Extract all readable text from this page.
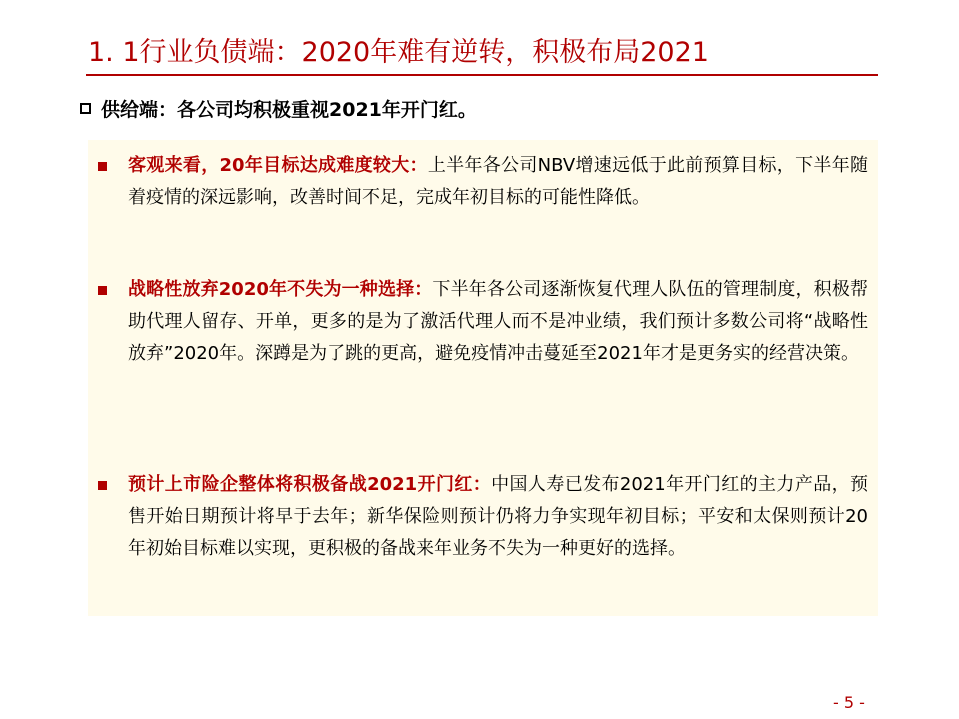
1. 1行业负债端：2020年难有逆转，积极布局2021
供给端：各公司均积极重视2021年开门红。
客观来看，20年目标达成难度较大：上半年各公司NBV增速远低于此前预算目标，下半年随着疫情的深远影响，改善时间不足，完成年初目标的可能性降低。
战略性放弃2020年不失为一种选择：下半年各公司逐渐恢复代理人队伍的管理制度，积极帮助代理人留存、开单，更多的是为了激活代理人而不是冲业绩，我们预计多数公司将“战略性放弃”2020年。深蹲是为了跳的更高，避免疫情冲击蔓延至2021年才是更务实的经营决策。
预计上市险企整体将积极备战2021开门红：中国人寿已发布2021年开门红的主力产品，预售开始日期预计将早于去年；新华保险则预计仍将力争实现年初目标；平安和太保则预计20年初始目标难以实现，更积极的备战来年业务不失为一种更好的选择。
- 5 -
